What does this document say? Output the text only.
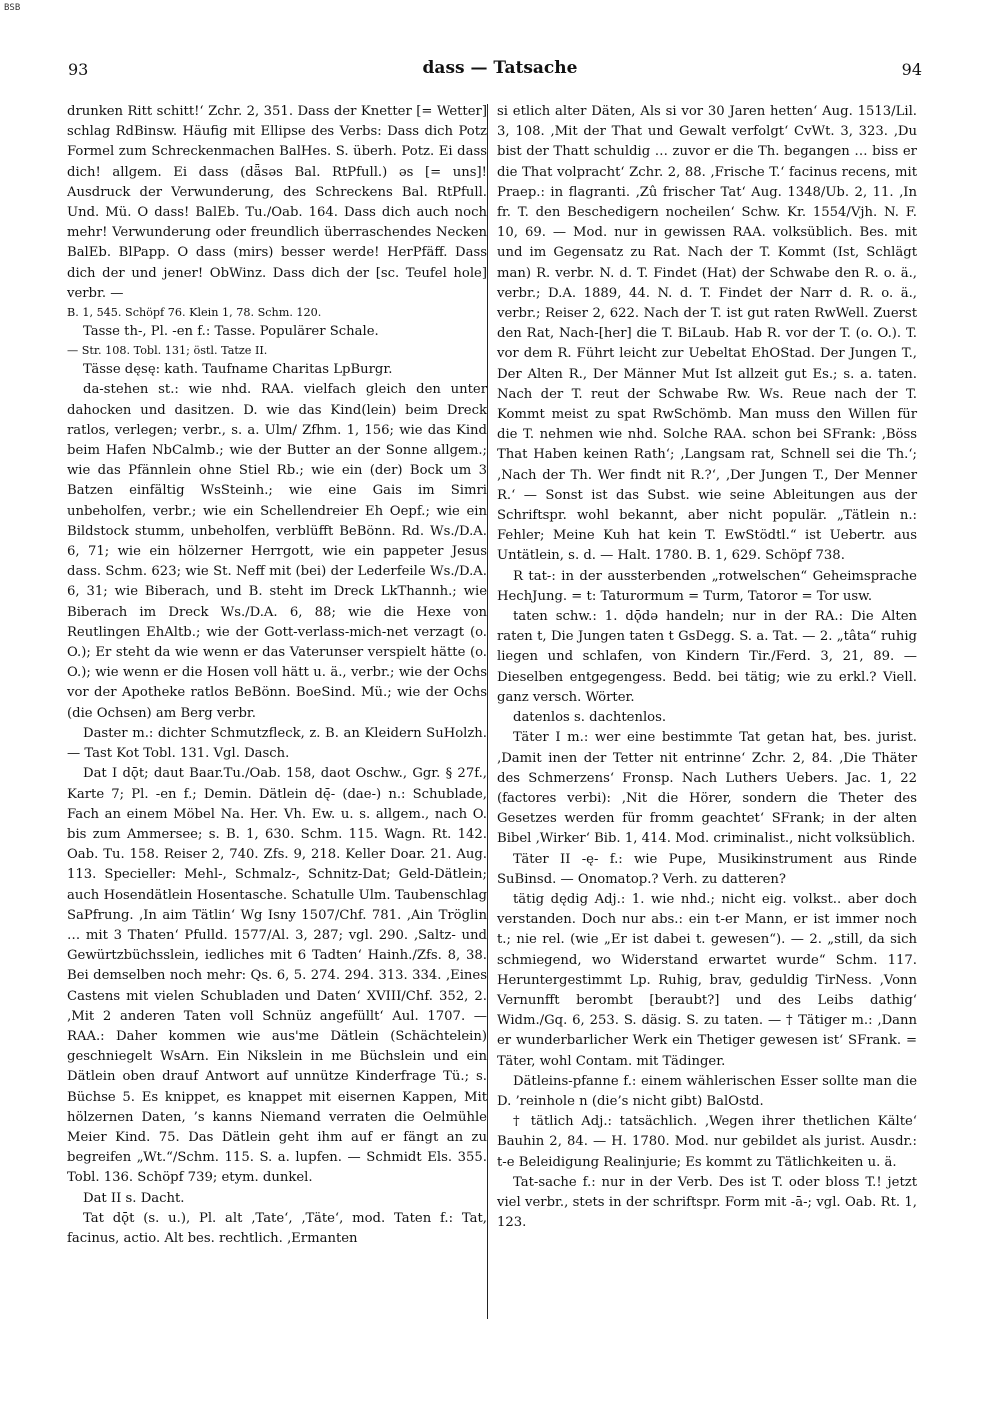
BSB
93	dass — Tatsache	94

drunken Ritt schitt!‘ Zchr. 2, 351. Dass der Knetter [= Wetter] schlag RdBinsw. Häufig mit Ellipse des Verbs: Dass dich Potz Formel zum Schreckenmachen BalHes. S. überh. Potz. Ei dass dich! allgem. Ei dass (dǟsəs Bal. RtPfull.) əs [= uns]! Ausdruck der Verwunderung, des Schreckens Bal. RtPfull. Und. Mü. O dass! BalEb. Tu./Oab. 164. Dass dich auch noch mehr! Verwunderung oder freundlich überraschendes Necken BalEb. BlPapp. O dass (mirs) besser werde! HerPfäff. Dass dich der und jener! ObWinz. Dass dich der [sc. Teufel hole] verbr. —

B. 1, 545. Schöpf 76. Klein 1, 78. Schm. 120.

Tasse th-, Pl. -en f.: Tasse. Populärer Schale.

— Str. 108. Tobl. 131; östl. Tatze II.

Tässe dęsę: kath. Taufname Charitas LpBurgr.

da-stehen st.: wie nhd. RAA. vielfach gleich den unter dahocken und dasitzen. D. wie das Kind(lein) beim Dreck ratlos, verlegen; verbr., s. a. Ulm/ Zfhm. 1, 156; wie das Kind beim Hafen NbCalmb.; wie der Butter an der Sonne allgem.; wie das Pfännlein ohne Stiel Rb.; wie ein (der) Bock um 3 Batzen einfältig WsSteinh.; wie eine Gais im Simri unbeholfen, verbr.; wie ein Schellendreier Eh Oepf.; wie ein Bildstock stumm, unbeholfen, verblüfft BeBönn. Rd. Ws./D.A. 6, 71; wie ein hölzerner Herrgott, wie ein pappeter Jesus dass. Schm. 623; wie St. Neff mit (bei) der Lederfeile Ws./D.A. 6, 31; wie Biberach, und B. steht im Dreck LkThannh.; wie Biberach im Dreck Ws./D.A. 6, 88; wie die Hexe von Reutlingen EhAltb.; wie der Gott-verlass-mich-net verzagt (o. O.); Er steht da wie wenn er das Vaterunser verspielt hätte (o. O.); wie wenn er die Hosen voll hätt u. ä., verbr.; wie der Ochs vor der Apotheke ratlos BeBönn. BoeSind. Mü.; wie der Ochs (die Ochsen) am Berg verbr.

Daster m.: dichter Schmutzfleck, z. B. an Kleidern SuHolzh. — Tast Kot Tobl. 131. Vgl. Dasch.

Dat I dǭt; daut Baar.Tu./Oab. 158, daot Oschw., Ggr. § 27f., Karte 7; Pl. -en f.; Demin. Dätlein dę̄- (dae-) n.: Schublade, Fach an einem Möbel Na. Her. Vh. Ew. u. s. allgem., nach O. bis zum Ammersee; s. B. 1, 630. Schm. 115. Wagn. Rt. 142. Oab. Tu. 158. Reiser 2, 740. Zfs. 9, 218. Keller Doar. 21. Aug. 113. Specieller: Mehl-, Schmalz-, Schnitz-Dat; Geld-Dätlein; auch Hosendätlein Hosentasche. Schatulle Ulm. Taubenschlag SaPfrung. ‚In aim Tätlin‘ Wg Isny 1507/Chf. 781. ‚Ain Tröglin … mit 3 Thaten‘ Pfulld. 1577/Al. 3, 287; vgl. 290. ‚Saltz- und Gewürtzbüchsslein, iedliches mit 6 Tadten‘ Hainh./Zfs. 8, 38. Bei demselben noch mehr: Qs. 6, 5. 274. 294. 313. 334. ‚Eines Castens mit vielen Schubladen und Daten‘ XVIII/Chf. 352, 2. ‚Mit 2 anderen Taten voll Schnüz angefüllt‘ Aul. 1707. — RAA.: Daher kommen wie aus'me Dätlein (Schächtelein) geschniegelt WsArn. Ein Nikslein in me Büchslein und ein Dätlein oben drauf Antwort auf unnütze Kinderfrage Tü.; s. Büchse 5. Es knippet, es knappet mit eisernen Kappen, Mit hölzernen Daten, ’s kanns Niemand verraten die Oelmühle Meier Kind. 75. Das Dätlein geht ihm auf er fängt an zu begreifen „Wt.“/Schm. 115. S. a. lupfen. — Schmidt Els. 355. Tobl. 136. Schöpf 739; etym. dunkel.

Dat II s. Dacht.

Tat dǭt (s. u.), Pl. alt ‚Tate‘, ‚Täte‘, mod. Taten f.: Tat, facinus, actio. Alt bes. rechtlich. ‚Ermanten

si etlich alter Däten, Als si vor 30 Jaren hetten‘ Aug. 1513/Lil. 3, 108. ‚Mit der That und Gewalt verfolgt‘ CvWt. 3, 323. ‚Du bist der Thatt schuldig … zuvor er die Th. begangen … biss er die That volpracht‘ Zchr. 2, 88. ‚Frische T.‘ facinus recens, mit Praep.: in flagranti. ‚Zû frischer Tat‘ Aug. 1348/Ub. 2, 11. ‚In fr. T. den Beschedigern nocheilen‘ Schw. Kr. 1554/Vjh. N. F. 10, 69. — Mod. nur in gewissen RAA. volksüblich. Bes. mit und im Gegensatz zu Rat. Nach der T. Kommt (Ist, Schlägt man) R. verbr. N. d. T. Findet (Hat) der Schwabe den R. o. ä., verbr.; D.A. 1889, 44. N. d. T. Findet der Narr d. R. o. ä., verbr.; Reiser 2, 622. Nach der T. ist gut raten RwWell. Zuerst den Rat, Nach-[her] die T. BiLaub. Hab R. vor der T. (o. O.). T. vor dem R. Führt leicht zur Uebeltat EhOStad. Der Jungen T., Der Alten R., Der Männer Mut Ist allzeit gut Es.; s. a. taten. Nach der T. reut der Schwabe Rw. Ws. Reue nach der T. Kommt meist zu spat RwSchömb. Man muss den Willen für die T. nehmen wie nhd. Solche RAA. schon bei SFrank: ‚Böss That Haben keinen Rath‘; ‚Langsam rat, Schnell sei die Th.‘; ‚Nach der Th. Wer findt nit R.?‘, ‚Der Jungen T., Der Menner R.‘ — Sonst ist das Subst. wie seine Ableitungen aus der Schriftspr. wohl bekannt, aber nicht populär. „Tätlein n.: Fehler; Meine Kuh hat kein T. EwStödtl.“ ist Uebertr. aus Untätlein, s. d. — Halt. 1780. B. 1, 629. Schöpf 738.

R tat-: in der aussterbenden „rotwelschen“ Geheimsprache HechJung. = t: Taturormum = Turm, Tatoror = Tor usw.

taten schw.: 1. dǭdə handeln; nur in der RA.: Die Alten raten t, Die Jungen taten t GsDegg. S. a. Tat. — 2. „tâta“ ruhig liegen und schlafen, von Kindern Tir./Ferd. 3, 21, 89. — Dieselben entgegengess. Bedd. bei tätig; wie zu erkl.? Viell. ganz versch. Wörter.

datenlos s. dachtenlos.

Täter I m.: wer eine bestimmte Tat getan hat, bes. jurist. ‚Damit inen der Tetter nit entrinne‘ Zchr. 2, 84. ‚Die Thäter des Schmerzens‘ Fronsp. Nach Luthers Uebers. Jac. 1, 22 (factores verbi): ‚Nit die Hörer, sondern die Theter des Gesetzes werden für fromm geachtet‘ SFrank; in der alten Bibel ‚Wirker‘ Bib. 1, 414. Mod. criminalist., nicht volksüblich.

Täter II -ę- f.: wie Pupe, Musikinstrument aus Rinde SuBinsd. — Onomatop.? Verh. zu datteren?

tätig dędig Adj.: 1. wie nhd.; nicht eig. volkst.. aber doch verstanden. Doch nur abs.: ein t-er Mann, er ist immer noch t.; nie rel. (wie „Er ist dabei t. gewesen“). — 2. „still, da sich schmiegend, wo Widerstand erwartet wurde“ Schm. 117. Heruntergestimmt Lp. Ruhig, brav, geduldig TirNess. ‚Vonn Vernunfft berombt [beraubt?] und des Leibs dathig‘ Widm./Gq. 6, 253. S. däsig. S. zu taten. — † Tätiger m.: ‚Dann er wunderbarlicher Werk ein Thetiger gewesen ist‘ SFrank. = Täter, wohl Contam. mit Tädinger.

Dätleins-pfanne f.: einem wählerischen Esser sollte man die D. ’reinhole n (die’s nicht gibt) BalOstd.

† tätlich Adj.: tatsächlich. ‚Wegen ihrer thetlichen Kälte‘ Bauhin 2, 84. — H. 1780. Mod. nur gebildet als jurist. Ausdr.: t-e Beleidigung Realinjurie; Es kommt zu Tätlichkeiten u. ä.

Tat-sache f.: nur in der Verb. Des ist T. oder bloss T.! jetzt viel verbr., stets in der schriftspr. Form mit -ā-; vgl. Oab. Rt. 1, 123.
